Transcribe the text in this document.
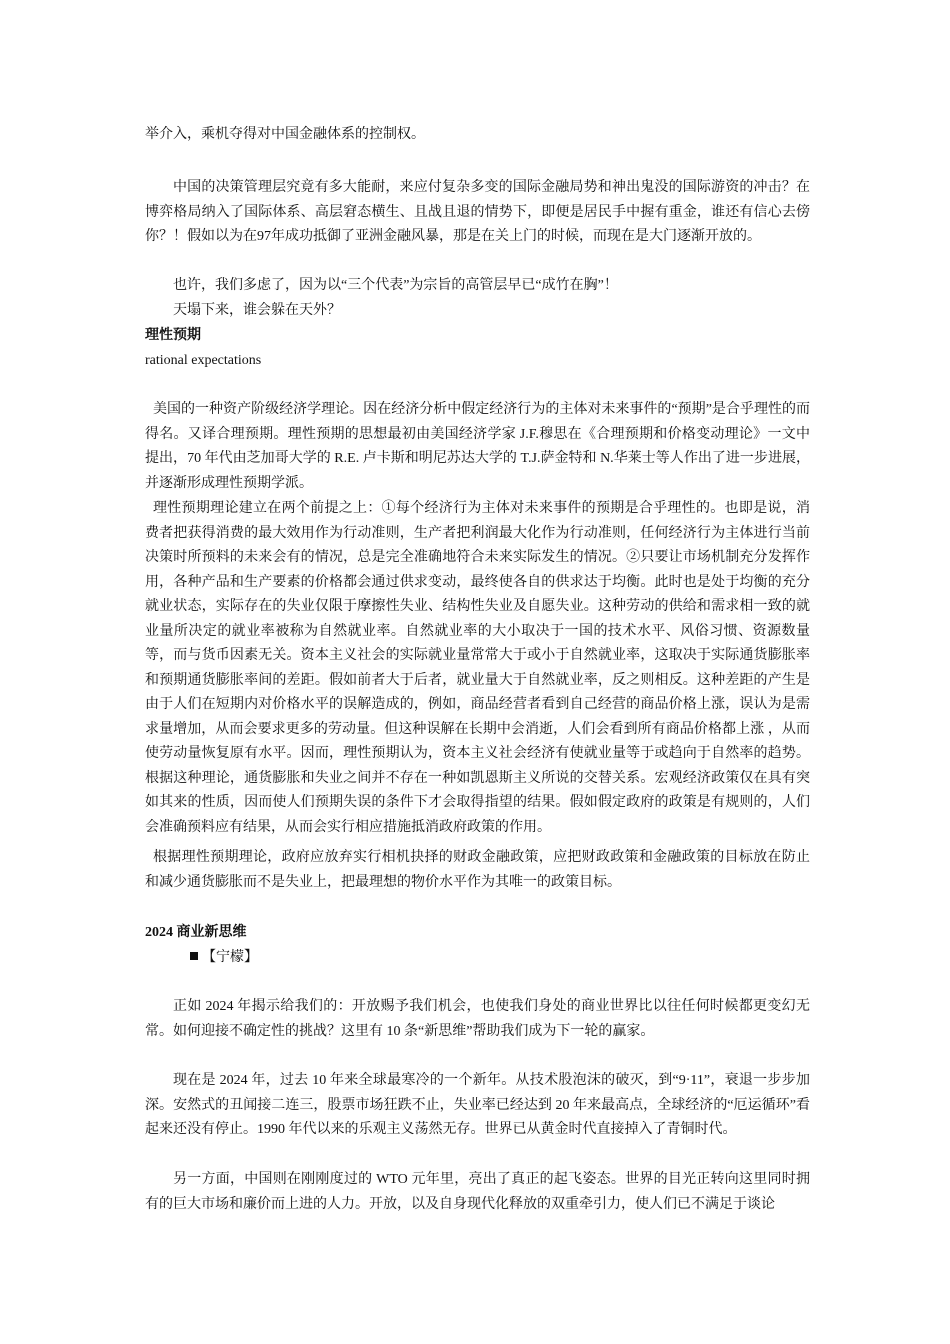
举介入，乘机夺得对中国金融体系的控制权。

中国的决策管理层究竟有多大能耐，来应付复杂多变的国际金融局势和神出鬼没的国际游资的冲击？在博弈格局纳入了国际体系、高层窘态横生、且战且退的情势下，即便是居民手中握有重金，谁还有信心去傍你？！假如以为在97年成功抵御了亚洲金融风暴，那是在关上门的时候，而现在是大门逐渐开放的。

也许，我们多虑了，因为以“三个代表”为宗旨的高管层早已“成竹在胸”！

天塌下来，谁会躲在天外？

理性预期

rational expectations

美国的一种资产阶级经济学理论。因在经济分析中假定经济行为的主体对未来事件的“预期”是合乎理性的而得名。又译合理预期。理性预期的思想最初由美国经济学家 J.F.穆思在《合理预期和价格变动理论》一文中提出，70 年代由芝加哥大学的 R.E. 卢卡斯和明尼苏达大学的 T.J.萨金特和 N.华莱士等人作出了进一步进展，并逐渐形成理性预期学派。

理性预期理论建立在两个前提之上：①每个经济行为主体对未来事件的预期是合乎理性的。也即是说，消费者把获得消费的最大效用作为行动准则，生产者把利润最大化作为行动准则，任何经济行为主体进行当前决策时所预料的未来会有的情况，总是完全准确地符合未来实际发生的情况。②只要让市场机制充分发挥作用，各种产品和生产要素的价格都会通过供求变动，最终使各自的供求达于均衡。此时也是处于均衡的充分就业状态，实际存在的失业仅限于摩擦性失业、结构性失业及自愿失业。这种劳动的供给和需求相一致的就业量所决定的就业率被称为自然就业率。自然就业率的大小取决于一国的技术水平、风俗习惯、资源数量等，而与货币因素无关。资本主义社会的实际就业量常常大于或小于自然就业率，这取决于实际通货膨胀率和预期通货膨胀率间的差距。假如前者大于后者，就业量大于自然就业率，反之则相反。这种差距的产生是由于人们在短期内对价格水平的误解造成的，例如，商品经营者看到自己经营的商品价格上涨，误认为是需求量增加，从而会要求更多的劳动量。但这种误解在长期中会消逝，人们会看到所有商品价格都上涨 ，从而使劳动量恢复原有水平。因而，理性预期认为，资本主义社会经济有使就业量等于或趋向于自然率的趋势。根据这种理论，通货膨胀和失业之间并不存在一种如凯恩斯主义所说的交替关系。宏观经济政策仅在具有突如其来的性质，因而使人们预期失误的条件下才会取得指望的结果。假如假定政府的政策是有规则的，人们会准确预料应有结果，从而会实行相应措施抵消政府政策的作用。

根据理性预期理论，政府应放弃实行相机抉择的财政金融政策，应把财政政策和金融政策的目标放在防止和减少通货膨胀而不是失业上，把最理想的物价水平作为其唯一的政策目标。

2024 商业新思维

【宁檬】

正如 2024 年揭示给我们的：开放赐予我们机会，也使我们身处的商业世界比以往任何时候都更变幻无常。如何迎接不确定性的挑战？这里有 10 条“新思维”帮助我们成为下一轮的赢家。

现在是 2024 年，过去 10 年来全球最寒冷的一个新年。从技术股泡沫的破灭，到“9·11”，衰退一步步加深。安然式的丑闻接二连三，股票市场狂跌不止，失业率已经达到 20 年来最高点，全球经济的“厄运循环”看起来还没有停止。1990 年代以来的乐观主义荡然无存。世界已从黄金时代直接掉入了青铜时代。

另一方面，中国则在刚刚度过的 WTO 元年里，亮出了真正的起飞姿态。世界的目光正转向这里同时拥有的巨大市场和廉价而上进的人力。开放，以及自身现代化释放的双重牵引力，使人们已不满足于谈论
